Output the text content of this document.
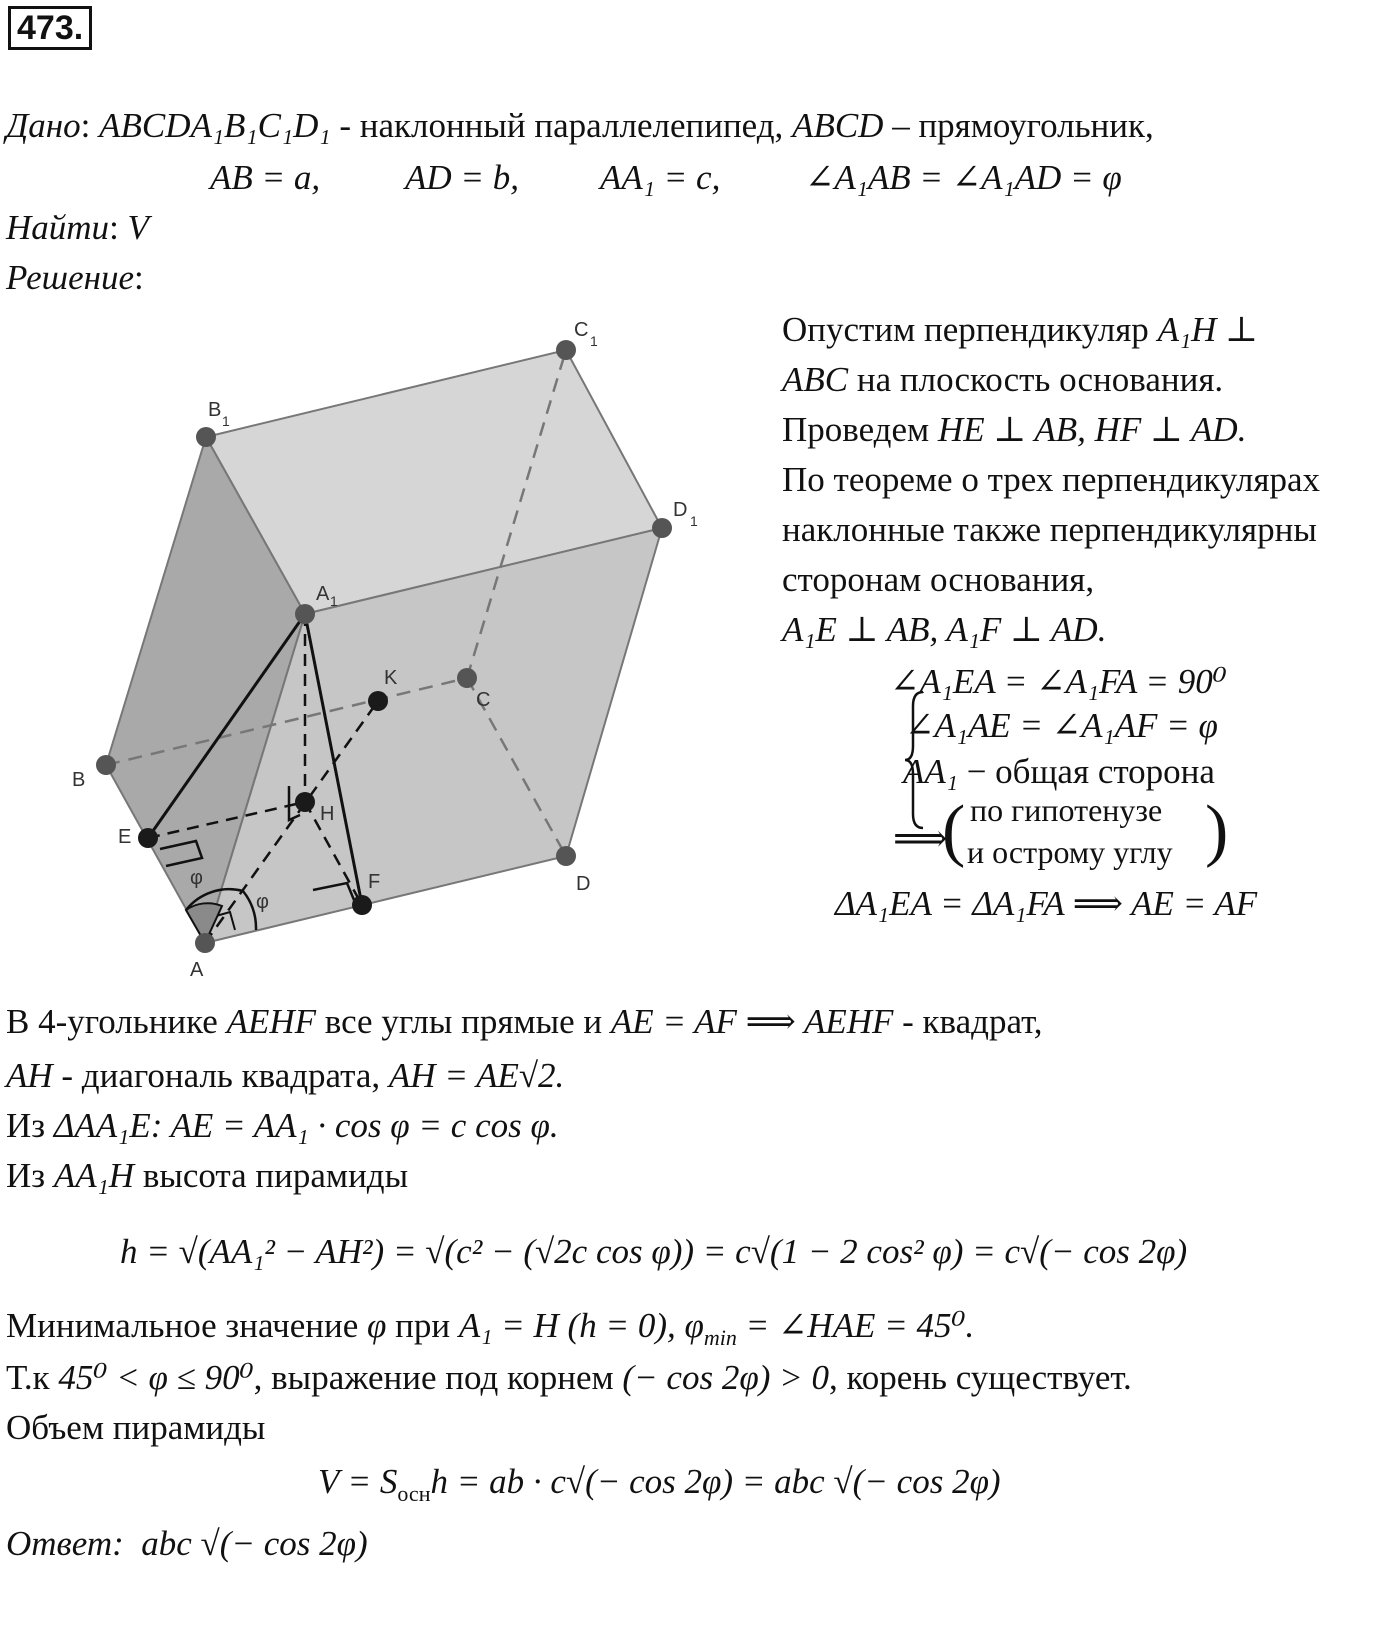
473.
Дано: ABCDA₁B₁C₁D₁ - наклонный параллелепипед, ABCD – прямоугольник,
AB = a, AD = b, AA₁ = c, ∠A₁AB = ∠A₁AD = φ
Найти: V
Решение:
A
B
C
D
A 1
B 1
C 1
D 1
E
F
H
K
φ
φ
Опустим перпендикуляр A₁H ⊥
ABC на плоскость основания.
Проведем HE ⊥ AB, HF ⊥ AD.
По теореме о трех перпендикулярах
наклонные также перпендикулярны
сторонам основания,
A₁E ⊥ AB, A₁F ⊥ AD.
∠A₁EA = ∠A₁FA = 90⁰
∠A₁AE = ∠A₁AF = φ
AA₁ − общая сторона
⟹
( по гипотенузе
и острому углу )
ΔA₁EA = ΔA₁FA ⟹ AE = AF
В 4-угольнике AEHF все углы прямые и AE = AF ⟹ AEHF - квадрат,
AH - диагональ квадрата, AH = AE√2.
Из ΔAA₁E: AE = AA₁ · cos φ = c cos φ.
Из AA₁H высота пирамиды
h = √(AA₁² − AH²) = √(c² − (√2c cos φ)) = c√(1 − 2 cos² φ) = c√(− cos 2φ)
Минимальное значение φ при A₁ = H (h = 0), $\varphi_{min}$ = ∠HAE = 45⁰.
Т.к 45⁰ < φ ≤ 90⁰, выражение под корнем (− cos 2φ) > 0, корень существует.
Объем пирамиды
$V = S_{осн}h$ = ab · c√(− cos 2φ) = abc √(− cos 2φ)
Ответ: abc √(− cos 2φ)
